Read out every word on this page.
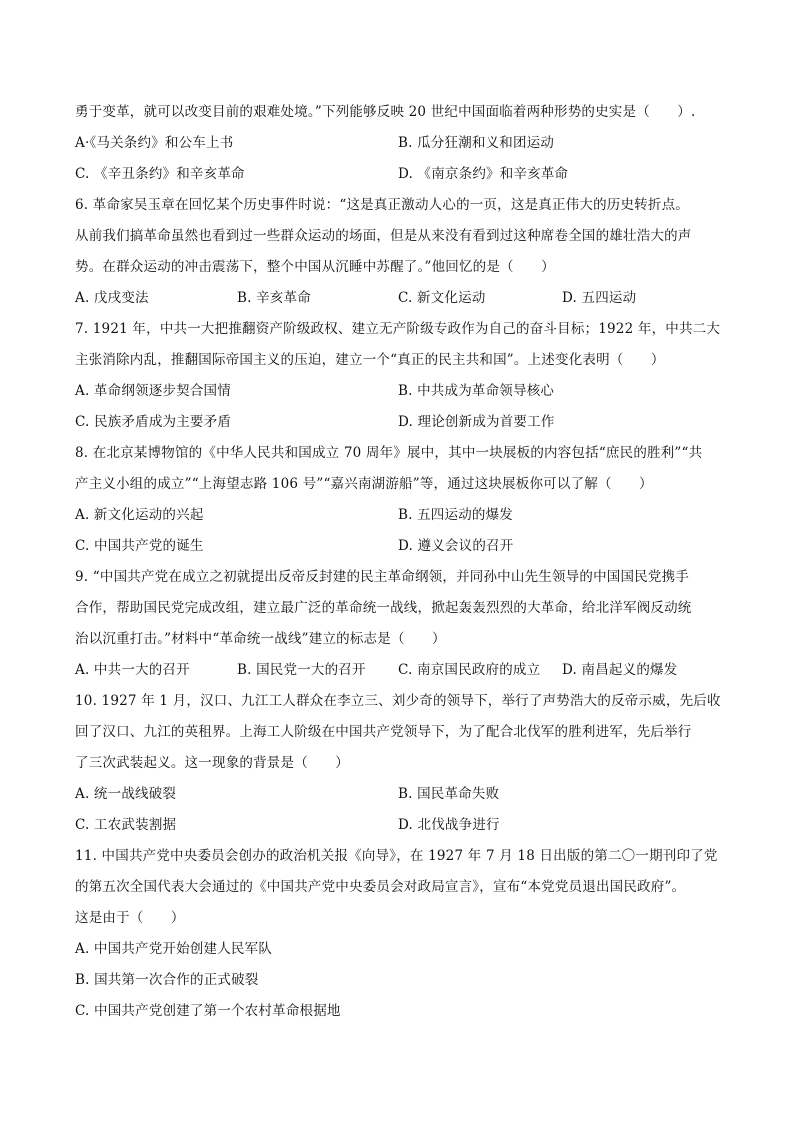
勇于变革，就可以改变目前的艰难处境。”下列能够反映 20 世纪中国面临着两种形势的史实是（　　）.
A·《马关条约》和公车上书	B. 瓜分狂潮和义和团运动
C. 《辛丑条约》和辛亥革命	D. 《南京条约》和辛亥革命
6. 革命家吴玉章在回忆某个历史事件时说：“这是真正激动人心的一页，这是真正伟大的历史转折点。
从前我们搞革命虽然也看到过一些群众运动的场面，但是从来没有看到过这种席卷全国的雄壮浩大的声
势。在群众运动的冲击震荡下，整个中国从沉睡中苏醒了。”他回忆的是（　　）
A. 戊戌变法	B. 辛亥革命	C. 新文化运动	D. 五四运动
7. 1921 年，中共一大把推翻资产阶级政权、建立无产阶级专政作为自己的奋斗目标；1922 年，中共二大
主张消除内乱，推翻国际帝国主义的压迫，建立一个“真正的民主共和国”。上述变化表明（　　）
A. 革命纲领逐步契合国情	B. 中共成为革命领导核心
C. 民族矛盾成为主要矛盾	D. 理论创新成为首要工作
8. 在北京某博物馆的《中华人民共和国成立 70 周年》展中，其中一块展板的内容包括“庶民的胜利”“共
产主义小组的成立”“上海望志路 106 号”“嘉兴南湖游船”等，通过这块展板你可以了解（　　）
A. 新文化运动的兴起	B. 五四运动的爆发
C. 中国共产党的诞生	D. 遵义会议的召开
9. “中国共产党在成立之初就提出反帝反封建的民主革命纲领，并同孙中山先生领导的中国国民党携手
合作，帮助国民党完成改组，建立最广泛的革命统一战线，掀起轰轰烈烈的大革命，给北洋军阀反动统
治以沉重打击。”材料中“革命统一战线”建立的标志是（　　）
A. 中共一大的召开	B. 国民党一大的召开 C. 南京国民政府的成立 D. 南昌起义的爆发
10. 1927 年 1 月，汉口、九江工人群众在李立三、刘少奇的领导下，举行了声势浩大的反帝示威，先后收
回了汉口、九江的英租界。上海工人阶级在中国共产党领导下，为了配合北伐军的胜利进军，先后举行
了三次武装起义。这一现象的背景是（　　）
A. 统一战线破裂	B. 国民革命失败
C. 工农武装割据	D. 北伐战争进行
11. 中国共产党中央委员会创办的政治机关报《向导》，在 1927 年 7 月 18 日出版的第二〇一期刊印了党
的第五次全国代表大会通过的《中国共产党中央委员会对政局宣言》，宣布“本党党员退出国民政府”。
这是由于（　　）
A. 中国共产党开始创建人民军队
B. 国共第一次合作的正式破裂
C. 中国共产党创建了第一个农村革命根据地
